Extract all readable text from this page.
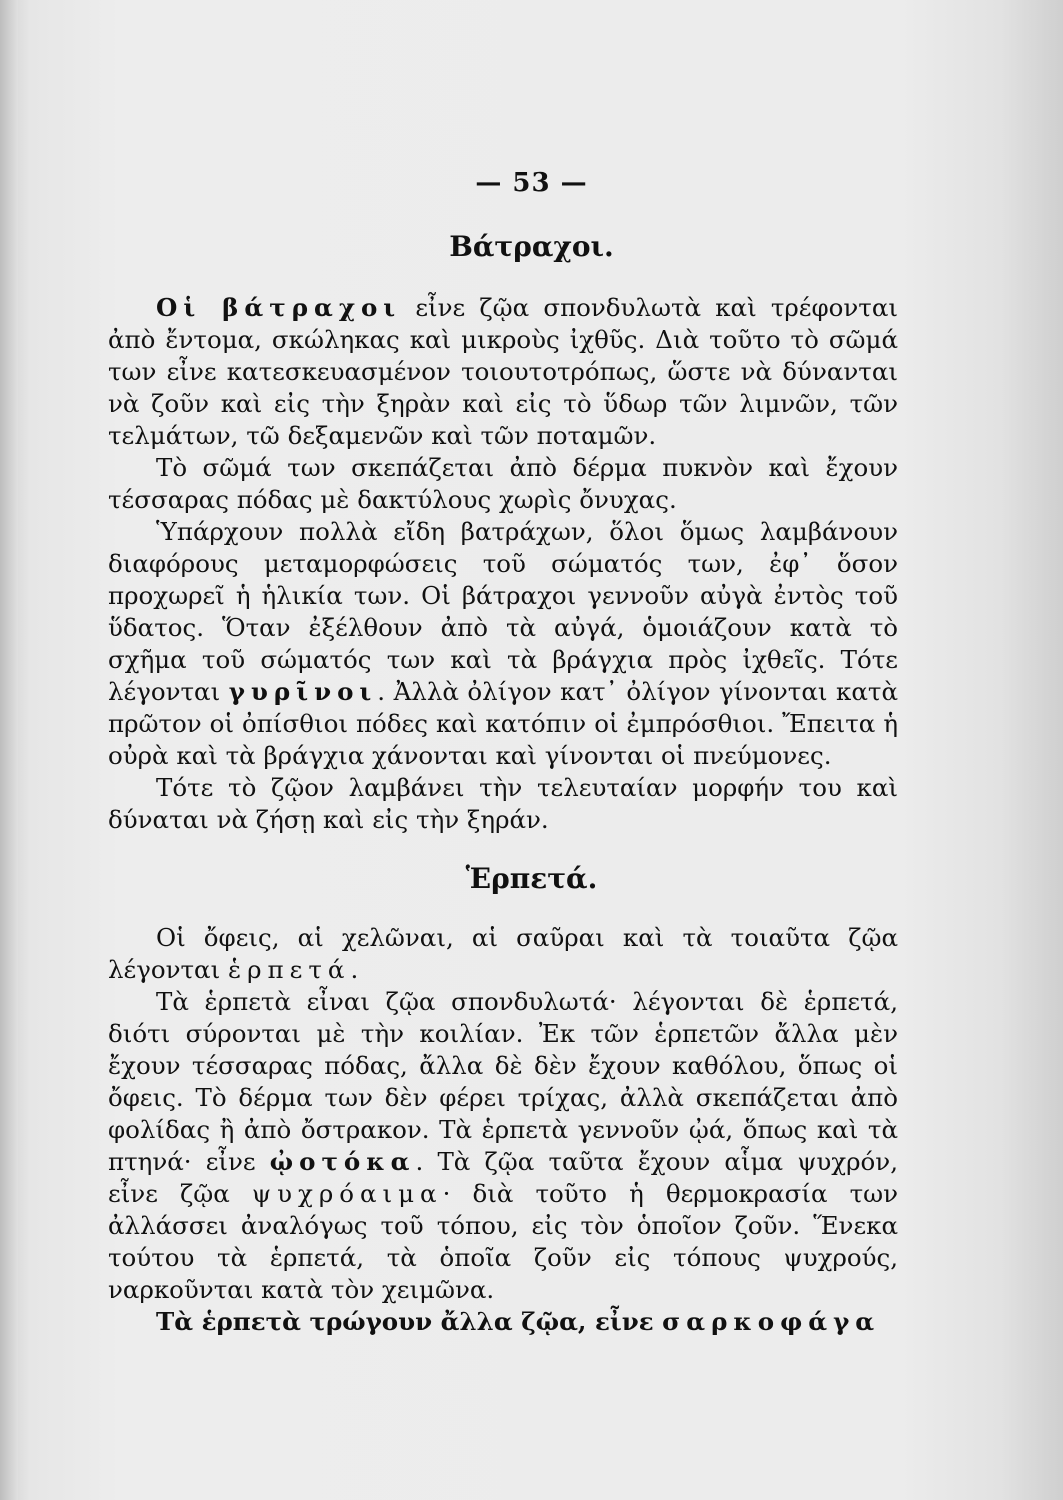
— 53 —
Βάτραχοι.

Οἱ βάτραχοι εἶνε ζῷα σπονδυλωτὰ καὶ τρέφονται ἀπὸ ἔντομα, σκώληκας καὶ μικροὺς ἰχθῦς. Διὰ τοῦτο τὸ σῶμά των εἶνε κατεσκευασμένον τοιουτοτρόπως, ὥστε νὰ δύνανται νὰ ζοῦν καὶ εἰς τὴν ξηρὰν καὶ εἰς τὸ ὕδωρ τῶν λιμνῶν, τῶν τελμάτων, τῶ δεξαμενῶν καὶ τῶν ποταμῶν.

Τὸ σῶμά των σκεπάζεται ἀπὸ δέρμα πυκνὸν καὶ ἔχουν τέσσαρας πόδας μὲ δακτύλους χωρὶς ὄνυχας.

Ὑπάρχουν πολλὰ εἴδη βατράχων, ὅλοι ὅμως λαμβάνουν διαφόρους μεταμορφώσεις τοῦ σώματός των, ἐφ᾽ ὅσον προχωρεῖ ἡ ἡλικία των. Οἱ βάτραχοι γεννοῦν αὐγὰ ἐντὸς τοῦ ὕδατος. Ὅταν ἐξέλθουν ἀπὸ τὰ αὐγά, ὁμοιάζουν κατὰ τὸ σχῆμα τοῦ σώματός των καὶ τὰ βράγχια πρὸς ἰχθεῖς. Τότε λέγονται γυρῖνοι. Ἀλλὰ ὀλίγον κατ᾽ ὀλίγον γίνονται κατὰ πρῶτον οἱ ὀπίσθιοι πόδες καὶ κατόπιν οἱ ἐμπρόσθιοι. Ἔπειτα ἡ οὐρὰ καὶ τὰ βράγχια χάνονται καὶ γίνονται οἱ πνεύμονες.

Τότε τὸ ζῷον λαμβάνει τὴν τελευταίαν μορφήν του καὶ δύναται νὰ ζήσῃ καὶ εἰς τὴν ξηράν.

Ἑρπετά.

Οἱ ὄφεις, αἱ χελῶναι, αἱ σαῦραι καὶ τὰ τοιαῦτα ζῷα λέγονται ἑρπετά.

Τὰ ἑρπετὰ εἶναι ζῷα σπονδυλωτά· λέγονται δὲ ἑρπετά, διότι σύρονται μὲ τὴν κοιλίαν. Ἐκ τῶν ἑρπετῶν ἄλλα μὲν ἔχουν τέσσαρας πόδας, ἄλλα δὲ δὲν ἔχουν καθόλου, ὅπως οἱ ὄφεις. Τὸ δέρμα των δὲν φέρει τρίχας, ἀλλὰ σκεπάζεται ἀπὸ φολίδας ἢ ἀπὸ ὄστρακον. Τὰ ἑρπετὰ γεννοῦν ᾠά, ὅπως καὶ τὰ πτηνά· εἶνε ᾠοτόκα. Τὰ ζῷα ταῦτα ἔχουν αἷμα ψυχρόν, εἶνε ζῷα ψυχρόαιμα· διὰ τοῦτο ἡ θερμοκρασία των ἀλλάσσει ἀναλόγως τοῦ τόπου, εἰς τὸν ὁποῖον ζοῦν. Ἕνεκα τούτου τὰ ἑρπετά, τὰ ὁποῖα ζοῦν εἰς τόπους ψυχρούς, ναρκοῦνται κατὰ τὸν χειμῶνα.

Τὰ ἑρπετὰ τρώγουν ἄλλα ζῷα, εἶνε σαρκοφάγα
